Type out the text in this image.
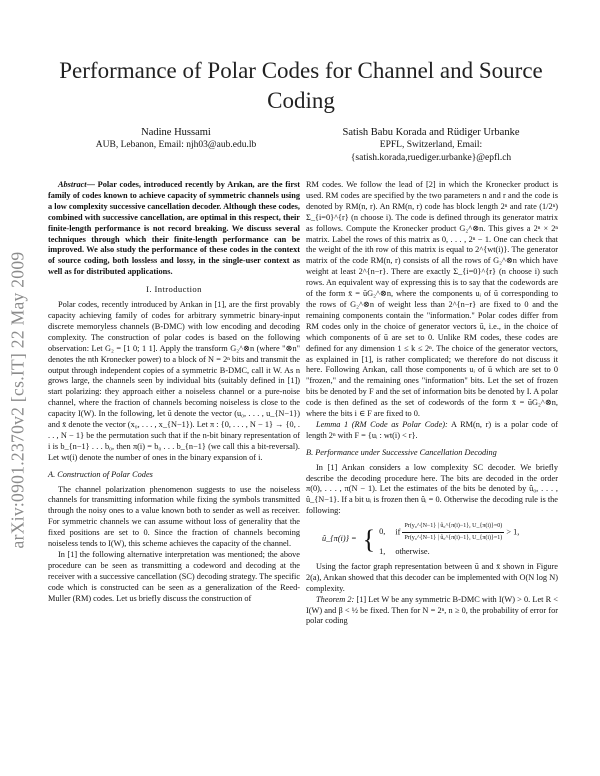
arXiv:0901.2370v2 [cs.IT] 22 May 2009
Performance of Polar Codes for Channel and Source Coding
Nadine Hussami
AUB, Lebanon, Email: njh03@aub.edu.lb
Satish Babu Korada and Rüdiger Urbanke
EPFL, Switzerland, Email: {satish.korada,ruediger.urbanke}@epfl.ch

Abstract— Polar codes, introduced recently by Arıkan, are the first family of codes known to achieve capacity of symmetric channels using a low complexity successive cancellation decoder. Although these codes, combined with successive cancellation, are optimal in this respect, their finite-length performance is not record breaking. We discuss several techniques through which their finite-length performance can be improved. We also study the performance of these codes in the context of source coding, both lossless and lossy, in the single-user context as well as for distributed applications.

I. Introduction

Polar codes, recently introduced by Arıkan in [1], are the first provably capacity achieving family of codes for arbitrary symmetric binary-input discrete memoryless channels (B-DMC) with low encoding and decoding complexity. The construction of polar codes is based on the following observation: Let G₂ = [1 0; 1 1]. Apply the transform G₂^⊗n (where "⊗n" denotes the nth Kronecker power) to a block of N = 2ⁿ bits and transmit the output through independent copies of a symmetric B-DMC, call it W. As n grows large, the channels seen by individual bits (suitably defined in [1]) start polarizing: they approach either a noiseless channel or a pure-noise channel, where the fraction of channels becoming noiseless is close to the capacity I(W). In the following, let ū denote the vector (u₀, . . . , u_{N−1}) and x̄ denote the vector (x₀, . . . , x_{N−1}). Let π : {0, . . . , N − 1} → {0, . . . , N − 1} be the permutation such that if the n-bit binary representation of i is b_{n−1} . . . b₀, then π(i) = b₀ . . . b_{n−1} (we call this a bit-reversal). Let wt(i) denote the number of ones in the binary expansion of i.

A. Construction of Polar Codes

The channel polarization phenomenon suggests to use the noiseless channels for transmitting information while fixing the symbols transmitted through the noisy ones to a value known both to sender as well as receiver. For symmetric channels we can assume without loss of generality that the fixed positions are set to 0. Since the fraction of channels becoming noiseless tends to I(W), this scheme achieves the capacity of the channel.

In [1] the following alternative interpretation was mentioned; the above procedure can be seen as transmitting a codeword and decoding at the receiver with a successive cancellation (SC) decoding strategy. The specific code which is constructed can be seen as a generalization of the Reed-Muller (RM) codes. Let us briefly discuss the construction of

RM codes. We follow the lead of [2] in which the Kronecker product is used. RM codes are specified by the two parameters n and r and the code is denoted by RM(n, r). An RM(n, r) code has block length 2ⁿ and rate (1/2ⁿ) Σ_{i=0}^{r} (n choose i). The code is defined through its generator matrix as follows. Compute the Kronecker product G₂^⊗n. This gives a 2ⁿ × 2ⁿ matrix. Label the rows of this matrix as 0, . . . , 2ⁿ − 1. One can check that the weight of the ith row of this matrix is equal to 2^{wt(i)}. The generator matrix of the code RM(n, r) consists of all the rows of G₂^⊗n which have weight at least 2^{n−r}. There are exactly Σ_{i=0}^{r} (n choose i) such rows. An equivalent way of expressing this is to say that the codewords are of the form x̄ = ūG₂^⊗n, where the components uᵢ of ū corresponding to the rows of G₂^⊗n of weight less than 2^{n−r} are fixed to 0 and the remaining components contain the "information." Polar codes differ from RM codes only in the choice of generator vectors ū, i.e., in the choice of which components of ū are set to 0. Unlike RM codes, these codes are defined for any dimension 1 ≤ k ≤ 2ⁿ. The choice of the generator vectors, as explained in [1], is rather complicated; we therefore do not discuss it here. Following Arıkan, call those components uᵢ of ū which are set to 0 "frozen," and the remaining ones "information" bits. Let the set of frozen bits be denoted by F and the set of information bits be denoted by I. A polar code is then defined as the set of codewords of the form x̄ = ūG₂^⊗n, where the bits i ∈ F are fixed to 0.

Lemma 1 (RM Code as Polar Code): A RM(n, r) is a polar code of length 2ⁿ with F = {uᵢ : wt(i) < r}.

B. Performance under Successive Cancellation Decoding

In [1] Arıkan considers a low complexity SC decoder. We briefly describe the decoding procedure here. The bits are decoded in the order π(0), . . . , π(N − 1). Let the estimates of the bits be denoted by û₀, . . . , û_{N−1}. If a bit uᵢ is frozen then ûᵢ = 0. Otherwise the decoding rule is the following:

û_{π(i)} = { 0, if $\frac{\text{Pr(y₀\textasciicircum{}\{N−1\} | û₀\textasciicircum{}\{π(i)−1\}, U\_\{π(i)\}=0)}}{\text{Pr(y₀\textasciicircum{}\{N−1\} | û₀\textasciicircum{}\{π(i)−1\}, U\_\{π(i)\}=1)}} > 1$,
1, otherwise.

Using the factor graph representation between ū and x̄ shown in Figure 2(a), Arıkan showed that this decoder can be implemented with O(N log N) complexity.

Theorem 2: [1] Let W be any symmetric B-DMC with I(W) > 0. Let R < I(W) and β < ½ be fixed. Then for N = 2ⁿ, n ≥ 0, the probability of error for polar coding
